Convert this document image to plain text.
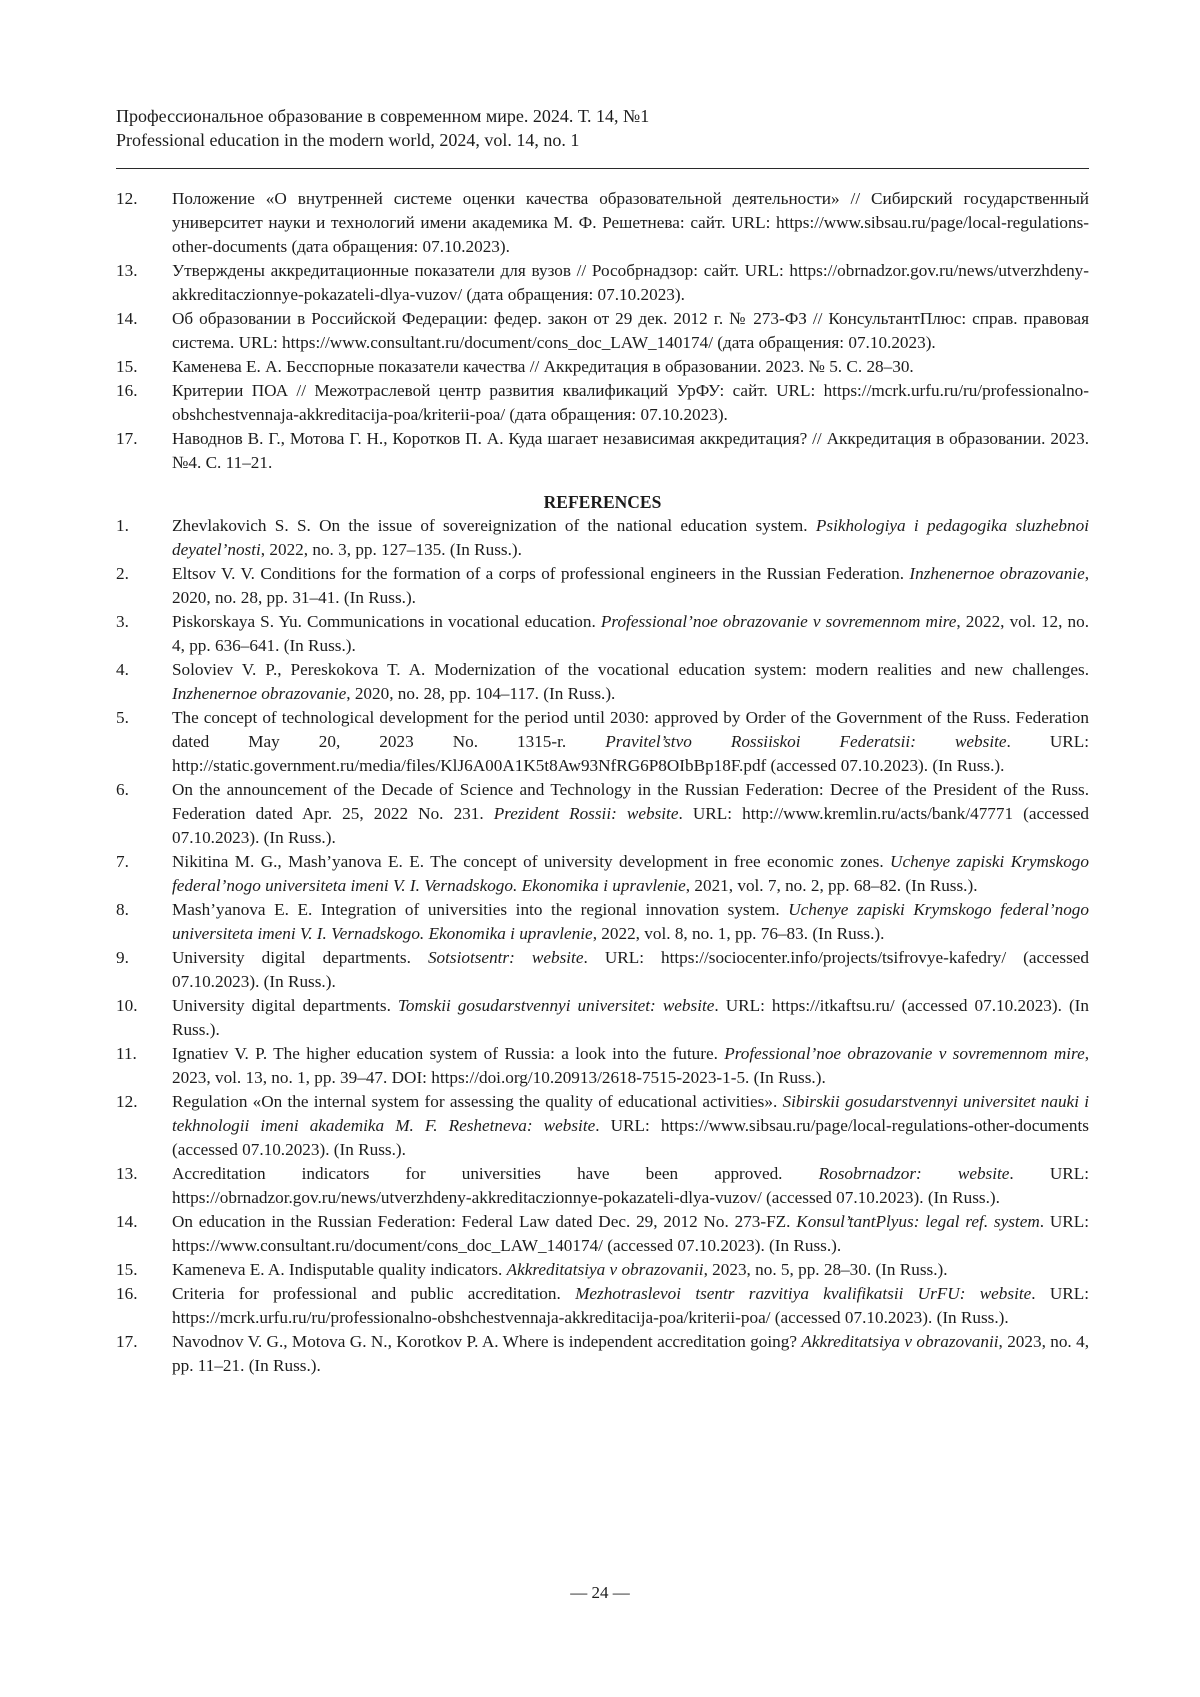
Профессиональное образование в современном мире. 2024. Т. 14, №1
Professional education in the modern world, 2024, vol. 14, no. 1
12. Положение «О внутренней системе оценки качества образовательной деятельности» // Сибирский государственный университет науки и технологий имени академика М. Ф. Решетнева: сайт. URL: https://www.sibsau.ru/page/local-regulations-other-documents (дата обращения: 07.10.2023).
13. Утверждены аккредитационные показатели для вузов // Рособрнадзор: сайт. URL: https://obrnadzor.gov.ru/news/utverzhdeny-akkreditaczionnye-pokazateli-dlya-vuzov/ (дата обращения: 07.10.2023).
14. Об образовании в Российской Федерации: федер. закон от 29 дек. 2012 г. № 273-ФЗ // КонсультантПлюс: справ. правовая система. URL: https://www.consultant.ru/document/cons_doc_LAW_140174/ (дата обращения: 07.10.2023).
15. Каменева Е. А. Бесспорные показатели качества // Аккредитация в образовании. 2023. № 5. С. 28–30.
16. Критерии ПОА // Межотраслевой центр развития квалификаций УрФУ: сайт. URL: https://mcrk.urfu.ru/ru/professionalno-obshchestvennaja-akkreditacija-poa/kriterii-poa/ (дата обращения: 07.10.2023).
17. Наводнов В. Г., Мотова Г. Н., Коротков П. А. Куда шагает независимая аккредитация? // Аккредитация в образовании. 2023. №4. С. 11–21.
REFERENCES
1.	Zhevlakovich S. S. On the issue of sovereignization of the national education system. Psikhologiya i pedagogika sluzhebnoi deyatel’nosti, 2022, no. 3, pp. 127–135. (In Russ.).
2.	Eltsov V. V. Conditions for the formation of a corps of professional engineers in the Russian Federation. Inzhenernoe obrazovanie, 2020, no. 28, pp. 31–41. (In Russ.).
3.	Piskorskaya S. Yu. Communications in vocational education. Professional’noe obrazovanie v sovremennom mire, 2022, vol. 12, no. 4, pp. 636–641. (In Russ.).
4.	Soloviev V. P., Pereskokova T. A. Modernization of the vocational education system: modern realities and new challenges. Inzhenernoe obrazovanie, 2020, no. 28, pp. 104–117. (In Russ.).
5.	The concept of technological development for the period until 2030: approved by Order of the Government of the Russ. Federation dated May 20, 2023 No. 1315-r. Pravitel’stvo Rossiiskoi Federatsii: website. URL: http://static.government.ru/media/files/KlJ6A00A1K5t8Aw93NfRG6P8OIbBp18F.pdf (accessed 07.10.2023). (In Russ.).
6.	On the announcement of the Decade of Science and Technology in the Russian Federation: Decree of the President of the Russ. Federation dated Apr. 25, 2022 No. 231. Prezident Rossii: website. URL: http://www.kremlin.ru/acts/bank/47771 (accessed 07.10.2023). (In Russ.).
7.	Nikitina M. G., Mash’yanova E. E. The concept of university development in free economic zones. Uchenye zapiski Krymskogo federal’nogo universiteta imeni V. I. Vernadskogo. Ekonomika i upravlenie, 2021, vol. 7, no. 2, pp. 68–82. (In Russ.).
8.	Mash’yanova E. E. Integration of universities into the regional innovation system. Uchenye zapiski Krymskogo federal’nogo universiteta imeni V. I. Vernadskogo. Ekonomika i upravlenie, 2022, vol. 8, no. 1, pp. 76–83. (In Russ.).
9.	University digital departments. Sotsiotsentr: website. URL: https://sociocenter.info/projects/tsifrovye-kafedry/ (accessed 07.10.2023). (In Russ.).
10. University digital departments. Tomskii gosudarstvennyi universitet: website. URL: https://itkaftsu.ru/ (accessed 07.10.2023). (In Russ.).
11. Ignatiev V. P. The higher education system of Russia: a look into the future. Professional’noe obrazovanie v sovremennom mire, 2023, vol. 13, no. 1, pp. 39–47. DOI: https://doi.org/10.20913/2618-7515-2023-1-5. (In Russ.).
12. Regulation «On the internal system for assessing the quality of educational activities». Sibirskii gosudarstvennyi universitet nauki i tekhnologii imeni akademika M. F. Reshetneva: website. URL: https://www.sibsau.ru/page/local-regulations-other-documents (accessed 07.10.2023). (In Russ.).
13. Accreditation indicators for universities have been approved. Rosobrnadzor: website. URL: https://obrnadzor.gov.ru/news/utverzhdeny-akkreditaczionnye-pokazateli-dlya-vuzov/ (accessed 07.10.2023). (In Russ.).
14. On education in the Russian Federation: Federal Law dated Dec. 29, 2012 No. 273-FZ. Konsul’tantPlyus: legal ref. system. URL: https://www.consultant.ru/document/cons_doc_LAW_140174/ (accessed 07.10.2023). (In Russ.).
15. Kameneva E. A. Indisputable quality indicators. Akkreditatsiya v obrazovanii, 2023, no. 5, pp. 28–30. (In Russ.).
16. Criteria for professional and public accreditation. Mezhotraslevoi tsentr razvitiya kvalifikatsii UrFU: website. URL: https://mcrk.urfu.ru/ru/professionalno-obshchestvennaja-akkreditacija-poa/kriterii-poa/ (accessed 07.10.2023). (In Russ.).
17. Navodnov V. G., Motova G. N., Korotkov P. A. Where is independent accreditation going? Akkreditatsiya v obrazovanii, 2023, no. 4, pp. 11–21. (In Russ.).
— 24 —
